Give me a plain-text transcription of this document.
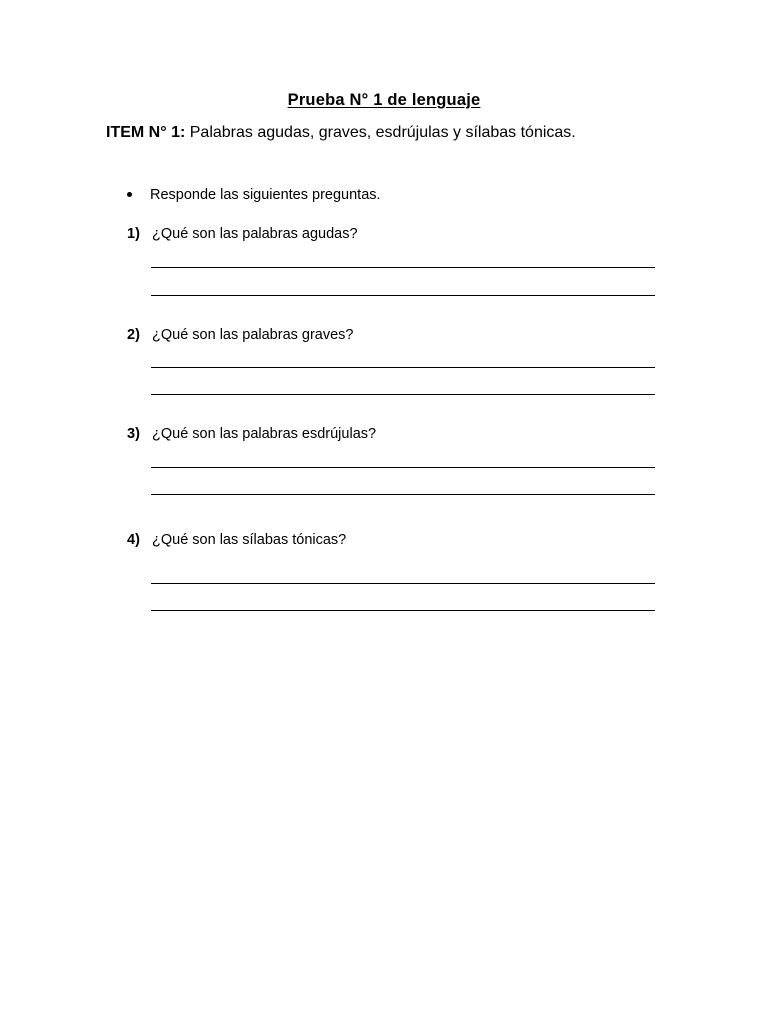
Prueba N° 1 de lenguaje
ITEM N° 1: Palabras agudas, graves, esdrújulas y sílabas tónicas.
Responde las siguientes preguntas.
1) ¿Qué son las palabras agudas?
2) ¿Qué son las palabras graves?
3) ¿Qué son las palabras esdrújulas?
4) ¿Qué son las sílabas tónicas?
